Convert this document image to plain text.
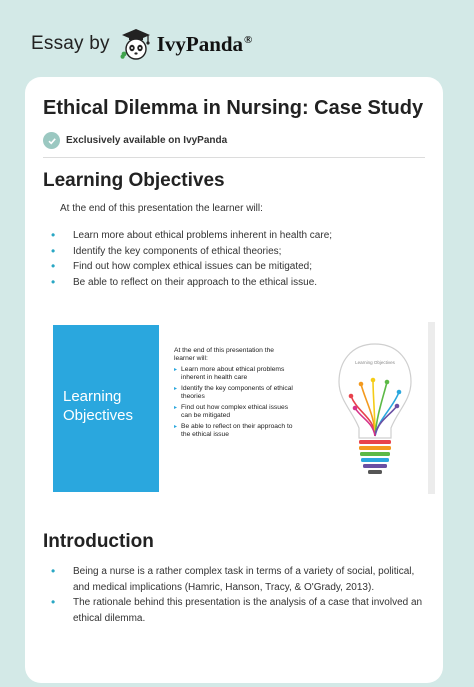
Essay by IvyPanda®
Ethical Dilemma in Nursing: Case Study
Exclusively available on IvyPanda
Learning Objectives

At the end of this presentation the learner will:

• Learn more about ethical problems inherent in health care;
• Identify the key components of ethical theories;
• Find out how complex ethical issues can be mitigated;
• Be able to reflect on their approach to the ethical issue.
Learning
Objectives
At the end of this presentation the
learner will:
▸ Learn more about ethical problems
inherent in health care
▸ Identify the key components of ethical
theories
▸ Find out how complex ethical issues
can be mitigated
▸ Be able to reflect on their approach to
the ethical issue
Learning Objectives
Introduction
• Being a nurse is a rather complex task in terms of a variety of social, political,
and medical implications (Hamric, Hanson, Tracy, & O'Grady, 2013).
• The rationale behind this presentation is the analysis of a case that involved an
ethical dilemma.
